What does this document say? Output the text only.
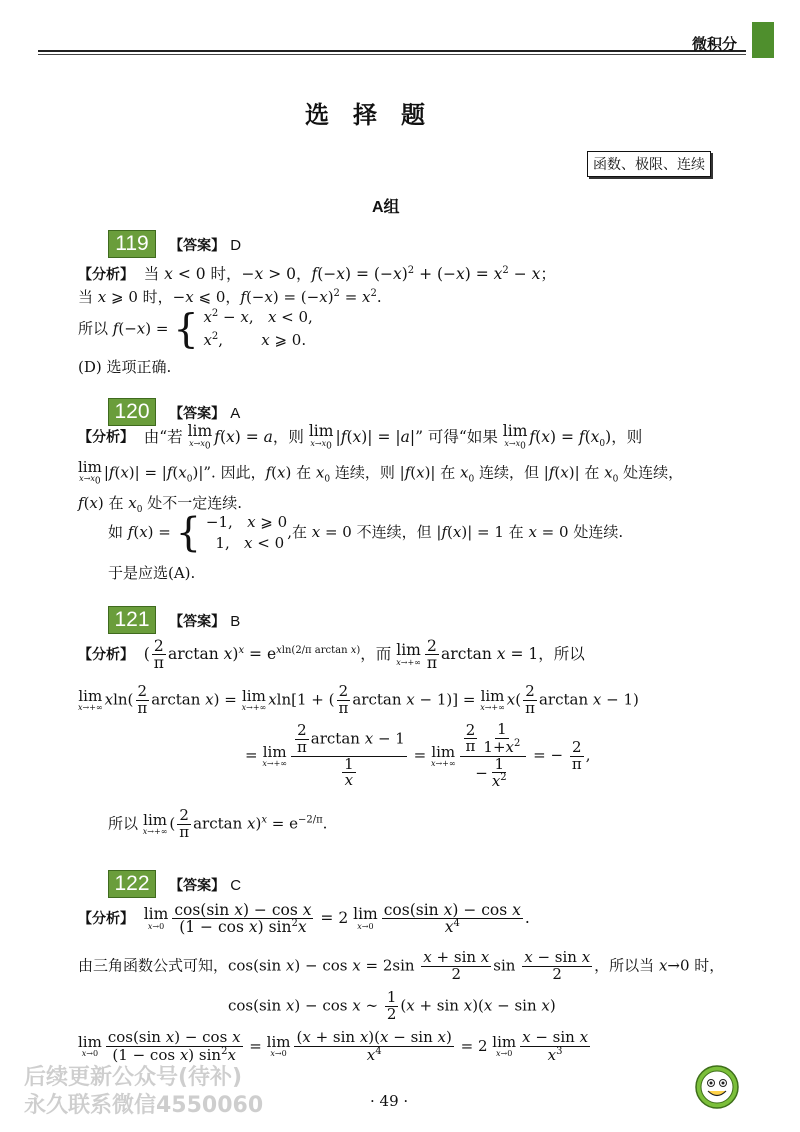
微积分
选　择　题
函数、极限、连续
A组
119 【答案】 D
【分析】  当 x < 0 时，−x > 0，$f(-x) = (-x)^2 + (-x) = x^2 - x$；
当 x ⩾ 0 时，−x ⩽ 0，$f(-x) = (-x)^2 = x^2$.
所以 f(−x) = { $x^2 - x$,   x < 0,
$x^2$,        x ⩾ 0.
(D) 选项正确.
120 【答案】 A
【分析】  由“若 lim
$x\to x_0$
f(x) = a，则 lim
$x\to x_0$
|f(x)| = |a|” 可得“如果 lim
$x\to x_0$
$f(x) = f(x_0)$，则
lim
$x\to x_0$
$|f(x)| = |f(x_0)|$”. 因此，f(x) 在 $x_0$ 连续，则 |f(x)| 在 $x_0$ 连续，但 |f(x)| 在 $x_0$ 处连续，
f(x) 在 $x_0$ 处不一定连续.
如 f(x) = { −1,   x ⩾ 0
1,   x < 0
,在 x = 0 不连续，但 |f(x)| = 1 在 x = 0 处连续.
于是应选(A).
121 【答案】 B
【分析】  ( $\frac{2}{\pi}$ $\arctan x)^x = e^{xln(2/\pi arctan x)}$，而 lim
$x\to+\infty \frac{2}{\pi}$ arctan x = 1，所以
lim
x→+∞ $xln( \frac{2}{\pi}$ arctan x) = lim
x→+∞ xln[1 + ( $\frac{2}{\pi}$ arctan x − 1)] = lim
x→+∞ $x( \frac{2}{\pi}$ arctan x − 1)
= lim
$x\to+\infty \frac{\frac{2}{\pi} \arctan x - 1}{\frac{1}{x}} = \lim$
$x\to+\infty \frac{\frac{2}{\pi} \frac{1}{1+x^2}}{- \frac{1}{x^2}}$ = − $\frac{2}{\pi}$ ,
所以 lim
x→+∞ ( $\frac{2}{\pi}$ $\arctan x)^x = e^{-2/\pi}$.
122 【答案】 C
【分析】 lim
$x\to 0 \frac{\text{cos(sin x) − cos x}}{(1 - \cos x) \sin^2x} = 2$ lim
$x\to 0 \frac{\text{cos(sin x) − cos x}}{x^4}$ .
由三角函数公式可知，cos(sin $x) - \cos x = 2\sin \frac{\text{x + sin x}}{2}$ $\sin \frac{\text{x − sin x}}{2}$ ，所以当 x→0 时，
cos(sin x) − cos x ∼ $\frac{1}{2} (x + \sin x)(x - \sin x)$
lim
$x\to 0 \frac{\text{cos(sin x) − cos x}}{(1 - \cos x) \sin^2x} = \lim$
$x\to 0 \frac{\text{(x + sin x)(x − sin x)}}{x^4} = 2$ lim
$x\to 0 \frac{\text{x − sin x}}{x^3}$
· 49 ·
后续更新公众号(待补)
永久联系微信4550060
